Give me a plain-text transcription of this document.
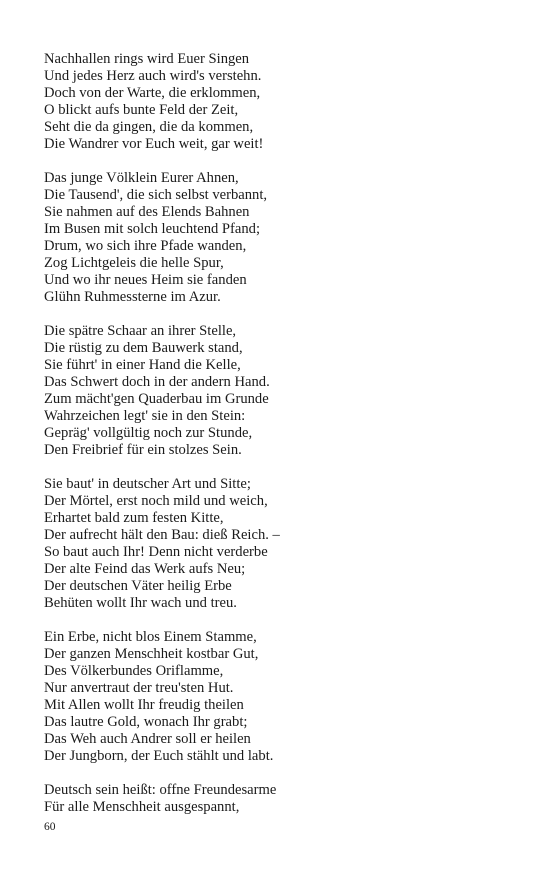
Nachhallen rings wird Euer Singen
Und jedes Herz auch wird's verstehn.
Doch von der Warte, die erklommen,
O blickt aufs bunte Feld der Zeit,
Seht die da gingen, die da kommen,
Die Wandrer vor Euch weit, gar weit!
Das junge Völklein Eurer Ahnen,
Die Tausend', die sich selbst verbannt,
Sie nahmen auf des Elends Bahnen
Im Busen mit solch leuchtend Pfand;
Drum, wo sich ihre Pfade wanden,
Zog Lichtgeleis die helle Spur,
Und wo ihr neues Heim sie fanden
Glühn Ruhmessterne im Azur.
Die spätre Schaar an ihrer Stelle,
Die rüstig zu dem Bauwerk stand,
Sie führt' in einer Hand die Kelle,
Das Schwert doch in der andern Hand.
Zum mächt'gen Quaderbau im Grunde
Wahrzeichen legt' sie in den Stein:
Gepräg' vollgültig noch zur Stunde,
Den Freibrief für ein stolzes Sein.
Sie baut' in deutscher Art und Sitte;
Der Mörtel, erst noch mild und weich,
Erhartet bald zum festen Kitte,
Der aufrecht hält den Bau: dieß Reich. –
So baut auch Ihr! Denn nicht verderbe
Der alte Feind das Werk aufs Neu;
Der deutschen Väter heilig Erbe
Behüten wollt Ihr wach und treu.
Ein Erbe, nicht blos Einem Stamme,
Der ganzen Menschheit kostbar Gut,
Des Völkerbundes Oriflamme,
Nur anvertraut der treu'sten Hut.
Mit Allen wollt Ihr freudig theilen
Das lautre Gold, wonach Ihr grabt;
Das Weh auch Andrer soll er heilen
Der Jungborn, der Euch stählt und labt.
Deutsch sein heißt: offne Freundesarme
Für alle Menschheit ausgespannt,
60
